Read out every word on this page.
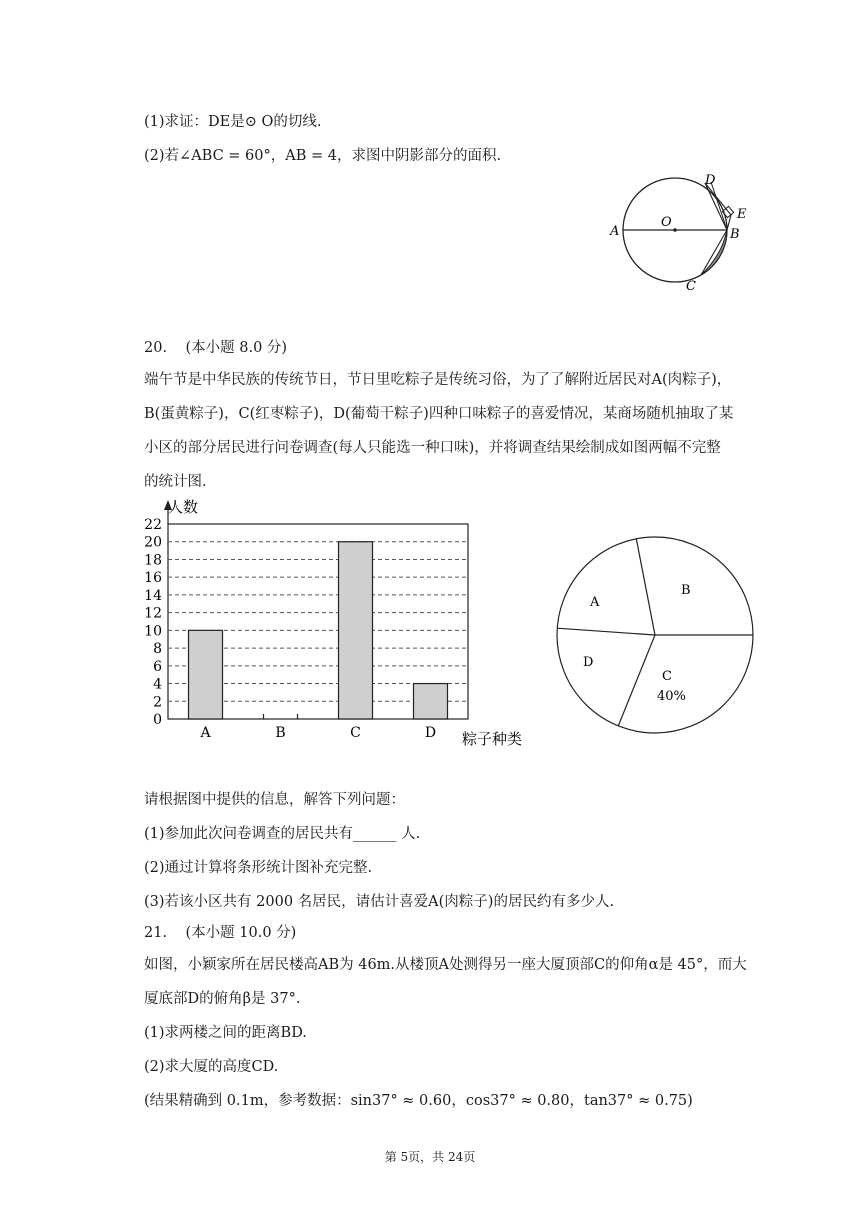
(1)求证：DE是⊙ O的切线.
(2)若∠ABC = 60°，AB = 4，求图中阴影部分的面积.
A
O
B
C
D
E
20. (本小题 8.0 分)
端午节是中华民族的传统节日，节日里吃粽子是传统习俗，为了了解附近居民对A(肉粽子)，
B(蛋黄粽子)，C(红枣粽子)，D(葡萄干粽子)四种口味粽子的喜爱情况，某商场随机抽取了某
小区的部分居民进行问卷调查(每人只能选一种口味)，并将调查结果绘制成如图两幅不完整
的统计图.
0
2
4
6
8
10
12
14
16
18
20
22
A	B	C	D
人数
粽子种类
A
B
C
40%
D
请根据图中提供的信息，解答下列问题：
(1)参加此次问卷调查的居民共有______ 人.
(2)通过计算将条形统计图补充完整.
(3)若该小区共有 2000 名居民，请估计喜爱A(肉粽子)的居民约有多少人.
21. (本小题 10.0 分)
如图，小颖家所在居民楼高AB为 46m.从楼顶A处测得另一座大厦顶部C的仰角α是 45°，而大
厦底部D的俯角β是 37°.
(1)求两楼之间的距离BD.
(2)求大厦的高度CD.
(结果精确到 0.1m，参考数据：sin37° ≈ 0.60，cos37° ≈ 0.80，tan37° ≈ 0.75)
第 5页，共 24页
